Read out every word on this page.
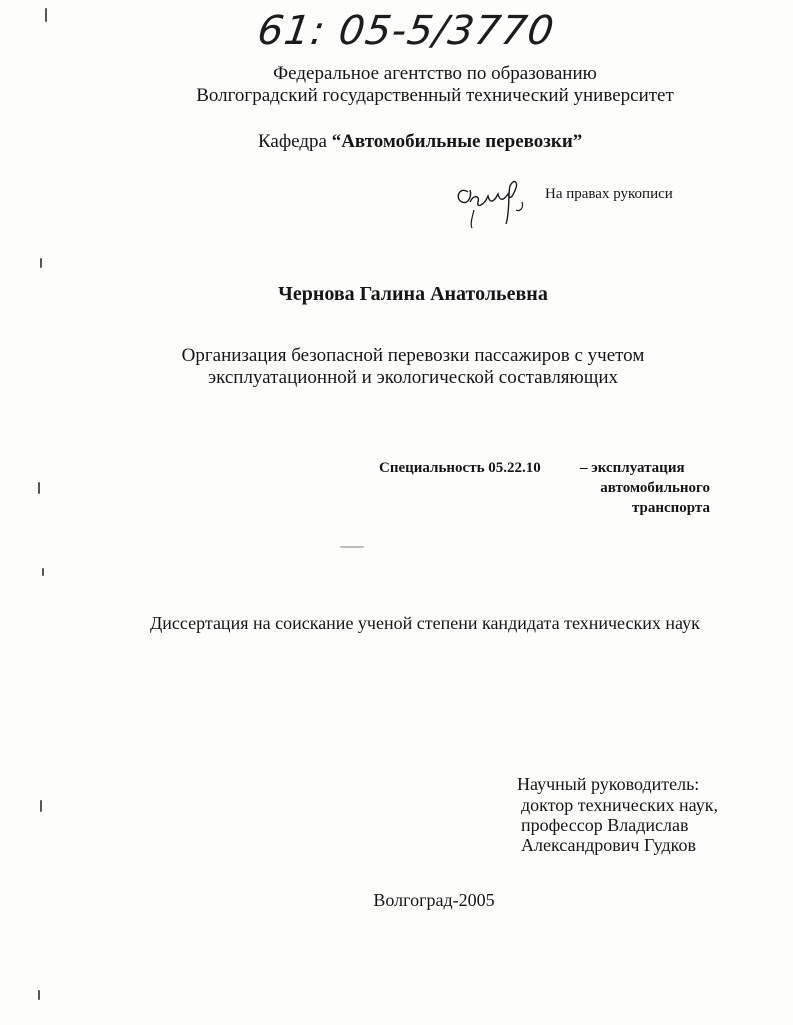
61: 05-5/3770
Федеральное агентство по образованию
Волгоградский государственный технический университет
Кафедра “Автомобильные перевозки”
На правах рукописи
Чернова Галина Анатольевна
Организация безопасной перевозки пассажиров с учетом
эксплуатационной и экологической составляющих
Специальность 05.22.10	– эксплуатация
автомобильного
транспорта
Диссертация на соискание ученой степени кандидата технических наук
Научный руководитель:
доктор технических наук,
профессор Владислав
Александрович Гудков
Волгоград-2005
